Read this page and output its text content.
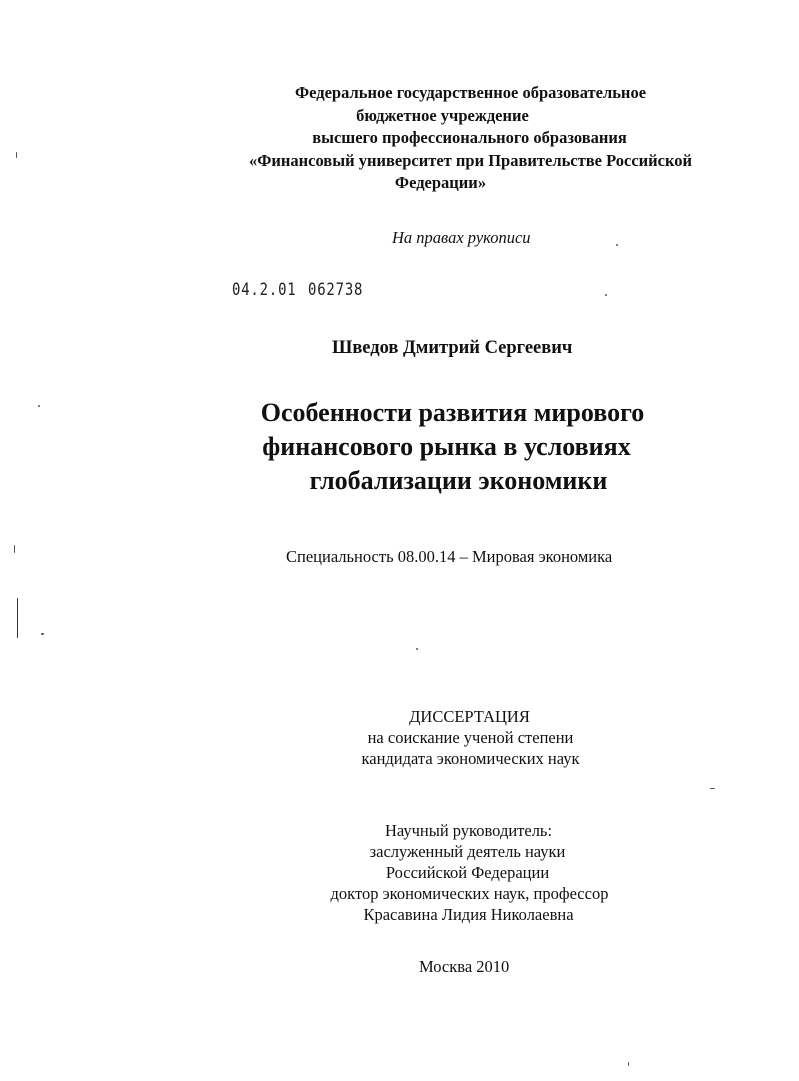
Федеральное государственное образовательное
бюджетное учреждение
высшего профессионального образования
«Финансовый университет при Правительстве Российской
Федерации»
На правах рукописи
04.2.01 062738
Шведов Дмитрий Сергеевич
Особенности развития мирового
финансового рынка в условиях
глобализации экономики
Специальность 08.00.14 – Мировая экономика
ДИССЕРТАЦИЯ
на соискание ученой степени
кандидата экономических наук
Научный руководитель:
заслуженный деятель науки
Российской Федерации
доктор экономических наук, профессор
Красавина Лидия Николаевна
Москва 2010
